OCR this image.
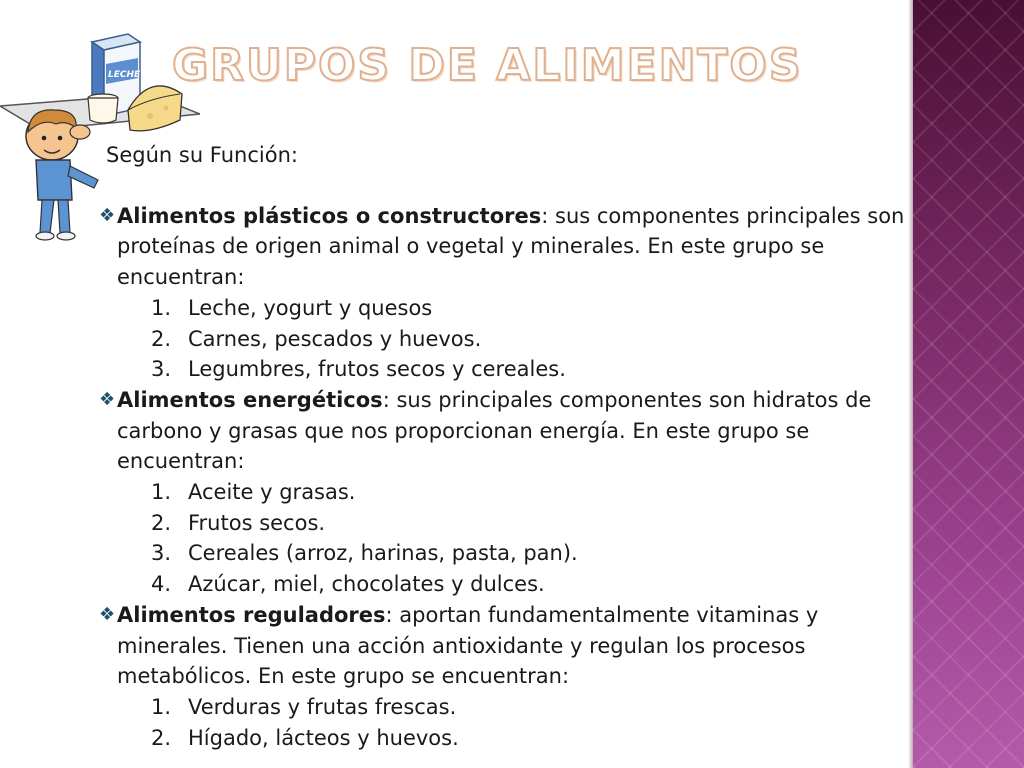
GRUPOS DE ALIMENTOS
LECHE

Según su Función:

❖ Alimentos plásticos o constructores: sus componentes principales son proteínas de origen animal o vegetal y minerales. En este grupo se encuentran:
1. Leche, yogurt y quesos
2. Carnes, pescados y huevos.
3. Legumbres, frutos secos y cereales.
❖ Alimentos energéticos: sus principales componentes son hidratos de carbono y grasas que nos proporcionan energía. En este grupo se encuentran:
1. Aceite y grasas.
2. Frutos secos.
3. Cereales (arroz, harinas, pasta, pan).
4. Azúcar, miel, chocolates y dulces.
❖ Alimentos reguladores: aportan fundamentalmente vitaminas y minerales. Tienen una acción antioxidante y regulan los procesos metabólicos. En este grupo se encuentran:
1. Verduras y frutas frescas.
2. Hígado, lácteos y huevos.
